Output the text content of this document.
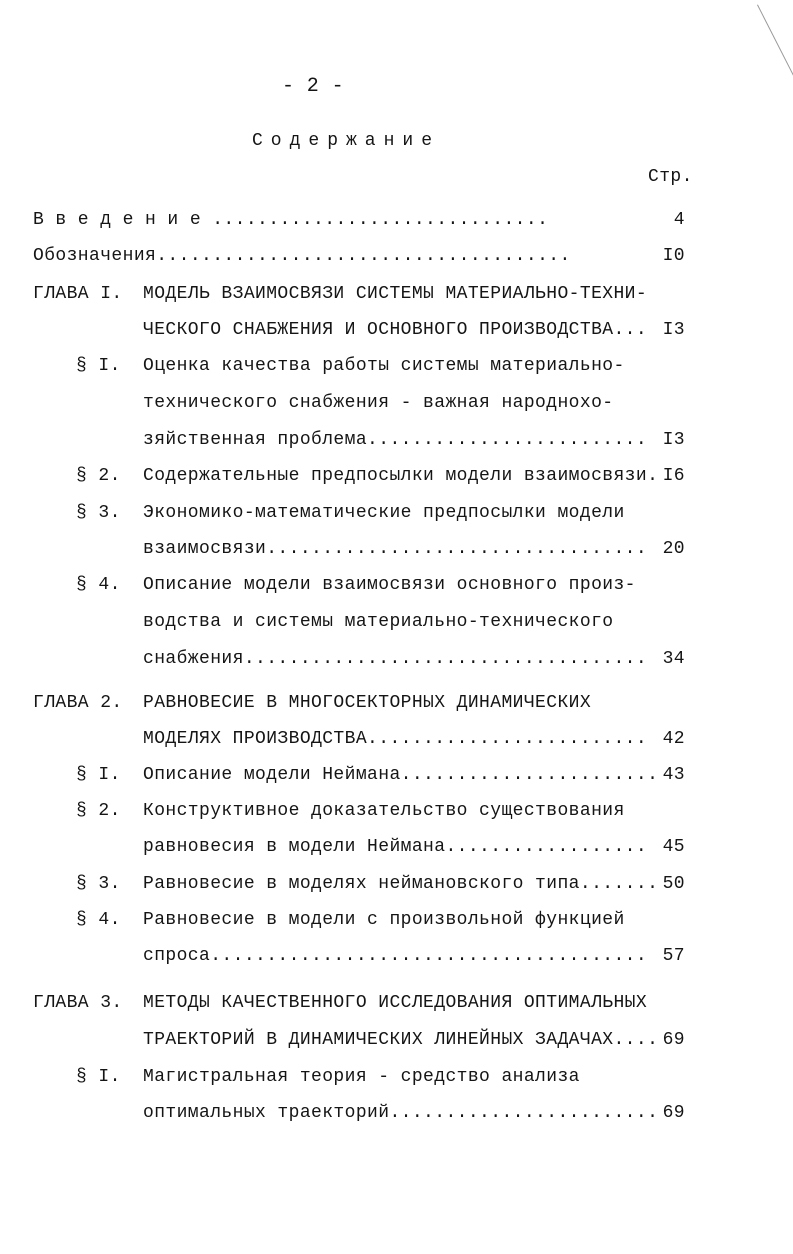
- 2 -
Содержание
Стр.
В в е д е н и е ..............................	4
Обозначения.....................................	I0
ГЛАВА I. МОДЕЛЬ ВЗАИМОСВЯЗИ СИСТЕМЫ МАТЕРИАЛЬНО-ТЕХНИ-
ЧЕСКОГО СНАБЖЕНИЯ И ОСНОВНОГО ПРОИЗВОДСТВА... I3
§ I. Оценка качества работы системы материально-
технического снабжения - важная народнохо-
зяйственная проблема......................... I3
§ 2. Содержательные предпосылки модели взаимосвязи. I6
§ 3. Экономико-математические предпосылки модели
взаимосвязи.................................. 20
§ 4. Описание модели взаимосвязи основного произ-
водства и системы материально-технического
снабжения.................................... 34
ГЛАВА 2. РАВНОВЕСИЕ В МНОГОСЕКТОРНЫХ ДИНАМИЧЕСКИХ
МОДЕЛЯХ ПРОИЗВОДСТВА......................... 42
§ I. Описание модели Неймана....................... 43
§ 2. Конструктивное доказательство существования
равновесия в модели Неймана.................. 45
§ 3. Равновесие в моделях неймановского типа....... 50
§ 4. Равновесие в модели с произвольной функцией
спроса....................................... 57
ГЛАВА 3. МЕТОДЫ КАЧЕСТВЕННОГО ИССЛЕДОВАНИЯ ОПТИМАЛЬНЫХ
ТРАЕКТОРИЙ В ДИНАМИЧЕСКИХ ЛИНЕЙНЫХ ЗАДАЧАХ.... 69
§ I. Магистральная теория - средство анализа
оптимальных траекторий........................ 69
